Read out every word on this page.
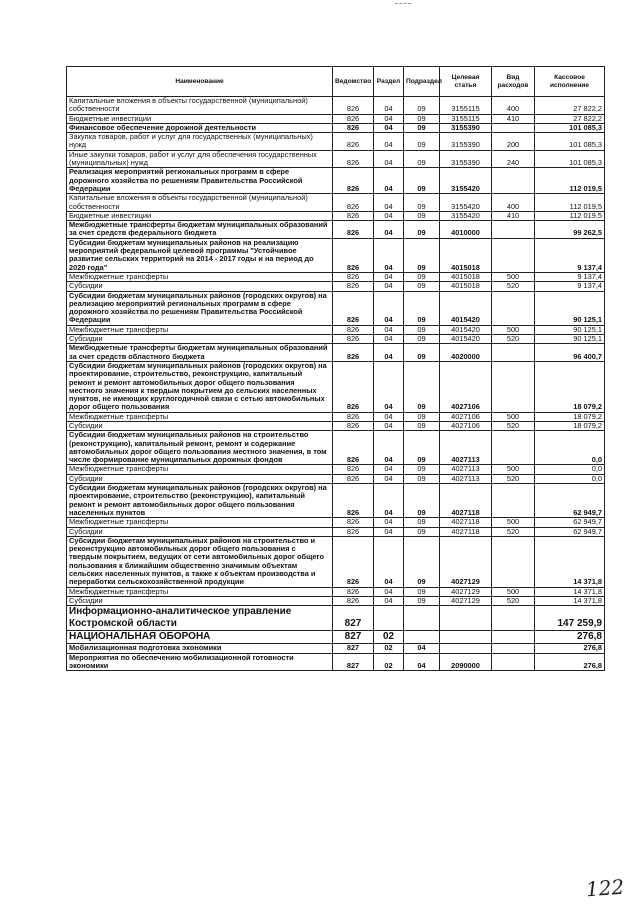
Наименование	Ведомство	Раздел	Подраздел	Целевая статья	Вид расходов	Кассовое исполнение
Капитальные вложения в объекты государственной (муниципальной) собственности	826	04	09	3155115	400	27 822,2
Бюджетные инвестиции	826	04	09	3155115	410	27 822,2
Финансовое обеспечение дорожной деятельности	826	04	09	3155390		101 085,3
Закупка товаров, работ и услуг для государственных (муниципальных) нужд	826	04	09	3155390	200	101 085,3
Иные закупки товаров, работ и услуг для обеспечения государственных (муниципальных) нужд	826	04	09	3155390	240	101 085,3
Реализация мероприятий региональных программ в сфере дорожного хозяйства по решениям Правительства Российской Федерации	826	04	09	3155420		112 019,5
Капитальные вложения в объекты государственной (муниципальной) собственности	826	04	09	3155420	400	112 019,5
Бюджетные инвестиции	826	04	09	3155420	410	112 019,5
Межбюджетные трансферты бюджетам муниципальных образований за счет средств федерального бюджета	826	04	09	4010000		99 262,5
Субсидии бюджетам муниципальных районов на реализацию мероприятий федеральной целевой программы "Устойчивое развитие сельских территорий на 2014 - 2017 годы и на период до 2020 года"	826	04	09	4015018		9 137,4
Межбюджетные трансферты	826	04	09	4015018	500	9 137,4
Субсидии	826	04	09	4015018	520	9 137,4
Субсидии бюджетам муниципальных районов (городских округов) на реализацию мероприятий региональных программ в сфере дорожного хозяйства по решениям Правительства Российской Федерации	826	04	09	4015420		90 125,1
Межбюджетные трансферты	826	04	09	4015420	500	90 125,1
Субсидии	826	04	09	4015420	520	90 125,1
Межбюджетные трансферты бюджетам муниципальных образований за счет средств областного бюджета	826	04	09	4020000		96 400,7
Субсидии бюджетам муниципальных районов (городских округов) на проектирование, строительство, реконструкцию, капитальный ремонт и ремонт автомобильных дорог общего пользования местного значения к твердым покрытием до сельских населенных пунктов, не имеющих круглогодичной связи с сетью автомобильных дорог общего пользования	826	04	09	4027106		18 079,2
Межбюджетные трансферты	826	04	09	4027106	500	18 079,2
Субсидии	826	04	09	4027106	520	18 079,2
Субсидии бюджетам муниципальных районов на строительство (реконструкцию), капитальный ремонт, ремонт и содержание автомобильных дорог общего пользования местного значения, в том числе формирование муниципальных дорожных фондов	826	04	09	4027113		0,0
Межбюджетные трансферты	826	04	09	4027113	500	0,0
Субсидии	826	04	09	4027113	520	0,0
Субсидии бюджетам муниципальных районов (городских округов) на проектирование, строительство (реконструкцию), капитальный ремонт и ремонт автомобильных дорог общего пользования населенных пунктов	826	04	09	4027118		62 949,7
Межбюджетные трансферты	826	04	09	4027118	500	62 949,7
Субсидии	826	04	09	4027118	520	62 949,7
Субсидии бюджетам муниципальных районов на строительство и реконструкцию автомобильных дорог общего пользования с твердым покрытием, ведущих от сети автомобильных дорог общего пользования к ближайшим общественно значимым объектам сельских населенных пунктов, а также к объектам производства и переработки сельскохозяйственной продукции	826	04	09	4027129		14 371,8
Межбюджетные трансферты	826	04	09	4027129	500	14 371,8
Субсидии	826	04	09	4027129	520	14 371,8
Информационно-аналитическое управление Костромской области	827					147 259,9
НАЦИОНАЛЬНАЯ ОБОРОНА	827	02				276,8
Мобилизационная подготовка экономики	827	02	04			276,8
Мероприятия по обеспечению мобилизационной готовности экономики	827	02	04	2090000		276,8
122
